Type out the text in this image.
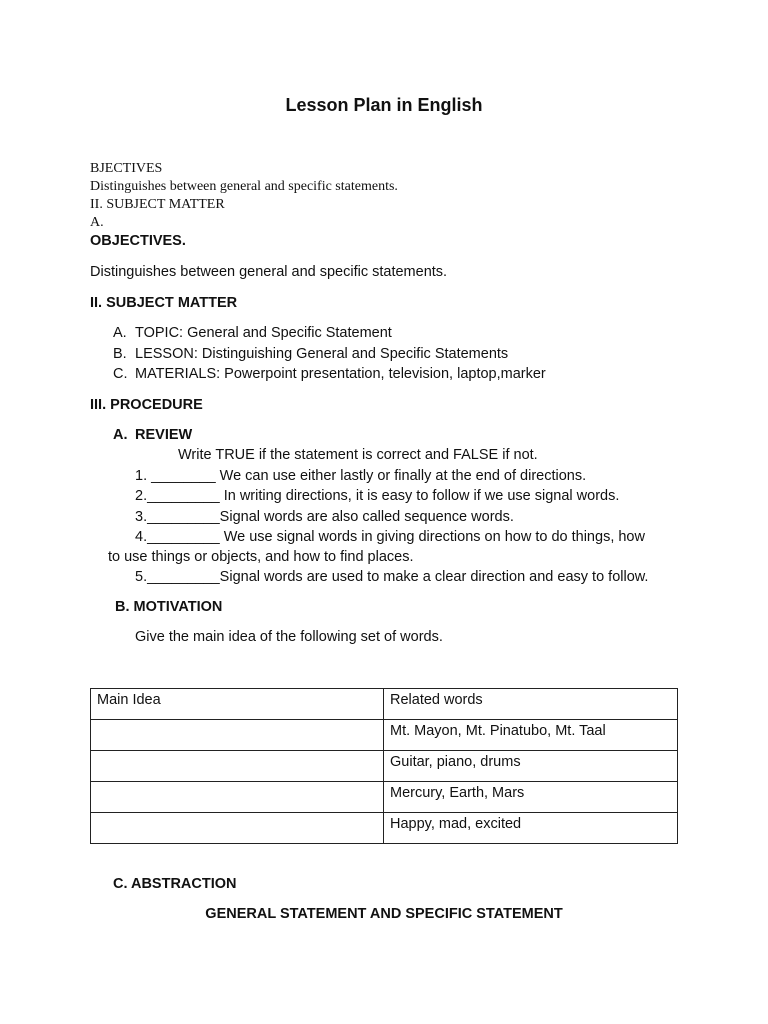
Lesson Plan in English
BJECTIVES
Distinguishes between general and specific statements.
II. SUBJECT MATTER
A.
OBJECTIVES.
Distinguishes between general and specific statements.
II. SUBJECT MATTER
A. TOPIC: General and Specific Statement
B. LESSON: Distinguishing General and Specific Statements
C. MATERIALS: Powerpoint presentation, television, laptop,marker
III. PROCEDURE
A. REVIEW
Write TRUE if the statement is correct and FALSE if not.
1. ________ We can use either lastly or finally at the end of directions.
2._________ In writing directions, it is easy to follow if we use signal words.
3._________Signal words are also called sequence words.
4._________ We use signal words in giving directions on how to do things, how
to use things or objects, and how to find places.
5._________Signal words are used to make a clear direction and easy to follow.
B. MOTIVATION
Give the main idea of the following set of words.
Main Idea	Related words
	Mt. Mayon, Mt. Pinatubo, Mt. Taal
	Guitar, piano, drums
	Mercury, Earth, Mars
	Happy, mad, excited
C. ABSTRACTION
GENERAL STATEMENT AND SPECIFIC STATEMENT
